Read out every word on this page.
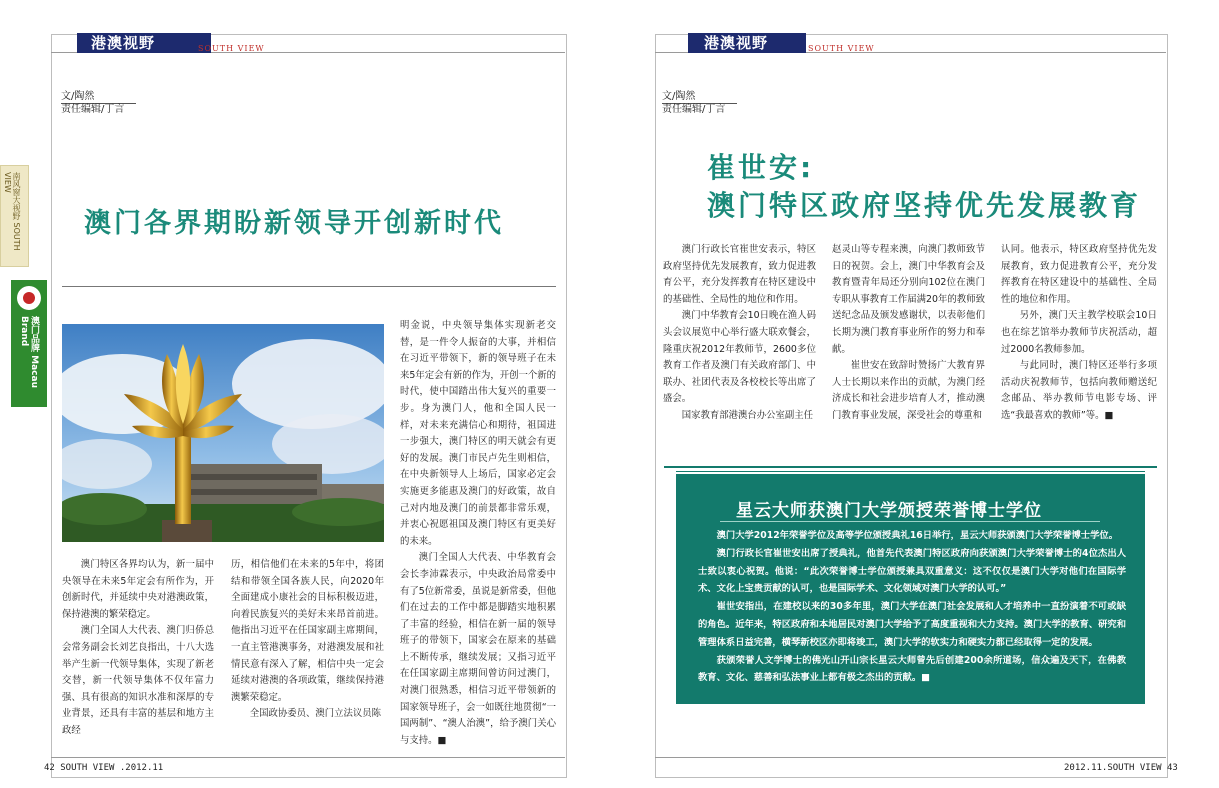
南风窗大视野 SOUTH VIEW
澳门品牌 Macau Brand
港澳视野	SOUTH VIEW
文/陶然
责任编辑/丁言
澳门各界期盼新领导开创新时代

澳门特区各界均认为，新一届中央领导在未来5年定会有所作为，开创新时代，并延续中央对港澳政策，保持港澳的繁荣稳定。

澳门全国人大代表、澳门归侨总会常务副会长刘艺良指出，十八大选举产生新一代领导集体，实现了新老交替，新一代领导集体不仅年富力强、具有很高的知识水准和深厚的专业背景，还具有丰富的基层和地方主政经

历，相信他们在未来的5年中，将团结和带领全国各族人民，向2020年全面建成小康社会的目标积极迈进，向着民族复兴的美好未来昂首前进。他指出习近平在任国家副主席期间，一直主管港澳事务，对港澳发展和社情民意有深入了解，相信中央一定会延续对港澳的各项政策，继续保持港澳繁荣稳定。

全国政协委员、澳门立法议员陈

明金说，中央领导集体实现新老交替，是一件令人振奋的大事，并相信在习近平带领下，新的领导班子在未来5年定会有新的作为，开创一个新的时代，使中国踏出伟大复兴的重要一步。身为澳门人，他和全国人民一样，对未来充满信心和期待，祖国进一步强大，澳门特区的明天就会有更好的发展。澳门市民卢先生则相信，在中央新领导人上场后，国家必定会实施更多能惠及澳门的好政策，故自己对内地及澳门的前景都非常乐观，并衷心祝愿祖国及澳门特区有更美好的未来。

澳门全国人大代表、中华教育会会长李沛霖表示，中央政治局常委中有了5位新常委，虽说是新常委，但他们在过去的工作中都是脚踏实地积累了丰富的经验，相信在新一届的领导班子的带领下，国家会在原来的基础上不断传承，继续发展；又指习近平在任国家副主席期间曾访问过澳门，对澳门很熟悉，相信习近平带领新的国家领导班子，会一如既往地贯彻“一国两制”、“澳人治澳”，给予澳门关心与支持。■

42 SOUTH VIEW .2012.11
港澳视野	SOUTH VIEW
文/陶然
责任编辑/丁言
崔世安:
澳门特区政府坚持优先发展教育

澳门行政长官崔世安表示，特区政府坚持优先发展教育，致力促进教育公平，充分发挥教育在特区建设中的基础性、全局性的地位和作用。

澳门中华教育会10日晚在渔人码头会议展览中心举行盛大联欢餐会，隆重庆祝2012年教师节，2600多位教育工作者及澳门有关政府部门、中联办、社团代表及各校校长等出席了盛会。

国家教育部港澳台办公室副主任

赵灵山等专程来澳，向澳门教师致节日的祝贺。会上，澳门中华教育会及教育暨青年局还分别向102位在澳门专职从事教育工作届满20年的教师致送纪念品及颁发感谢状，以表彰他们长期为澳门教育事业所作的努力和奉献。

崔世安在致辞时赞扬广大教育界人士长期以来作出的贡献，为澳门经济成长和社会进步培育人才，推动澳门教育事业发展，深受社会的尊重和

认同。他表示，特区政府坚持优先发展教育，致力促进教育公平，充分发挥教育在特区建设中的基础性、全局性的地位和作用。

另外，澳门天主教学校联会10日也在综艺馆举办教师节庆祝活动，超过2000名教师参加。

与此同时，澳门特区还举行多项活动庆祝教师节，包括向教师赠送纪念邮品、举办教师节电影专场、评选“我最喜欢的教师”等。■

星云大师获澳门大学颁授荣誉博士学位

澳门大学2012年荣誉学位及高等学位颁授典礼16日举行，星云大师获颁澳门大学荣誉博士学位。

澳门行政长官崔世安出席了授典礼，他首先代表澳门特区政府向获颁澳门大学荣誉博士的4位杰出人士致以衷心祝贺。他说：“此次荣誉博士学位颁授兼具双重意义：这不仅仅是澳门大学对他们在国际学术、文化上宝贵贡献的认可，也是国际学术、文化领域对澳门大学的认可。”

崔世安指出，在建校以来的30多年里，澳门大学在澳门社会发展和人才培养中一直扮演着不可或缺的角色。近年来，特区政府和本地居民对澳门大学给予了高度重视和大力支持。澳门大学的教育、研究和管理体系日益完善，横琴新校区亦即将竣工，澳门大学的软实力和硬实力都已经取得一定的发展。

获颁荣誉人文学博士的佛光山开山宗长星云大师曾先后创建200余所道场，信众遍及天下，在佛教教育、文化、慈善和弘法事业上都有极之杰出的贡献。■

2012.11.SOUTH VIEW 43
